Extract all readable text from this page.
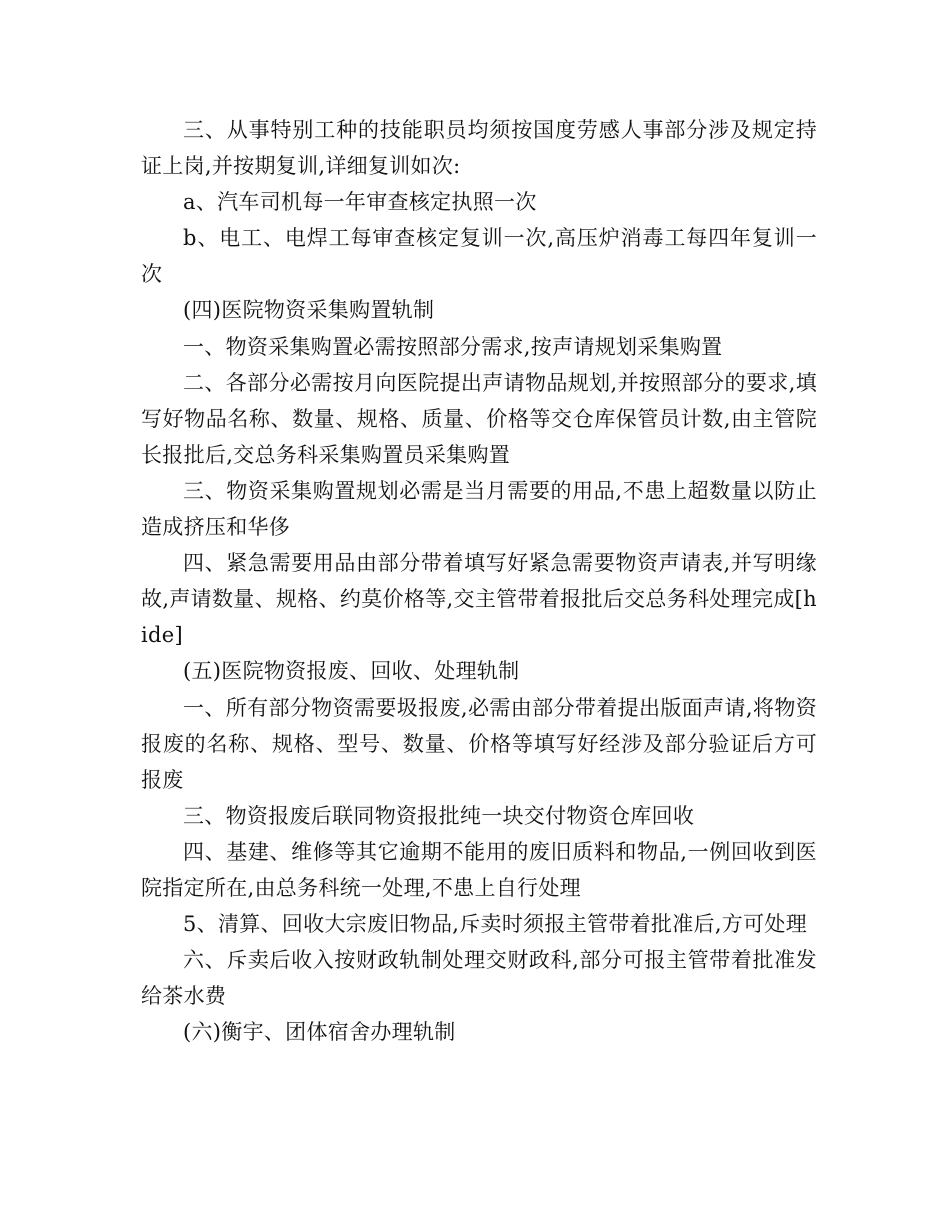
三、从事特别工种的技能职员均须按国度劳感人事部分涉及规定持证上岗,并按期复训,详细复训如次:

a、汽车司机每一年审查核定执照一次

b、电工、电焊工每审查核定复训一次,高压炉消毒工每四年复训一次

(四)医院物资采集购置轨制

一、物资采集购置必需按照部分需求,按声请规划采集购置

二、各部分必需按月向医院提出声请物品规划,并按照部分的要求,填写好物品名称、数量、规格、质量、价格等交仓库保管员计数,由主管院长报批后,交总务科采集购置员采集购置

三、物资采集购置规划必需是当月需要的用品,不患上超数量以防止造成挤压和华侈

四、紧急需要用品由部分带着填写好紧急需要物资声请表,并写明缘故,声请数量、规格、约莫价格等,交主管带着报批后交总务科处理完成[hide]

(五)医院物资报废、回收、处理轨制

一、所有部分物资需要圾报废,必需由部分带着提出版面声请,将物资报废的名称、规格、型号、数量、价格等填写好经涉及部分验证后方可报废

三、物资报废后联同物资报批纯一块交付物资仓库回收

四、基建、维修等其它逾期不能用的废旧质料和物品,一例回收到医院指定所在,由总务科统一处理,不患上自行处理

5、清算、回收大宗废旧物品,斥卖时须报主管带着批准后,方可处理

六、斥卖后收入按财政轨制处理交财政科,部分可报主管带着批准发给茶水费

(六)衡宇、团体宿舍办理轨制
